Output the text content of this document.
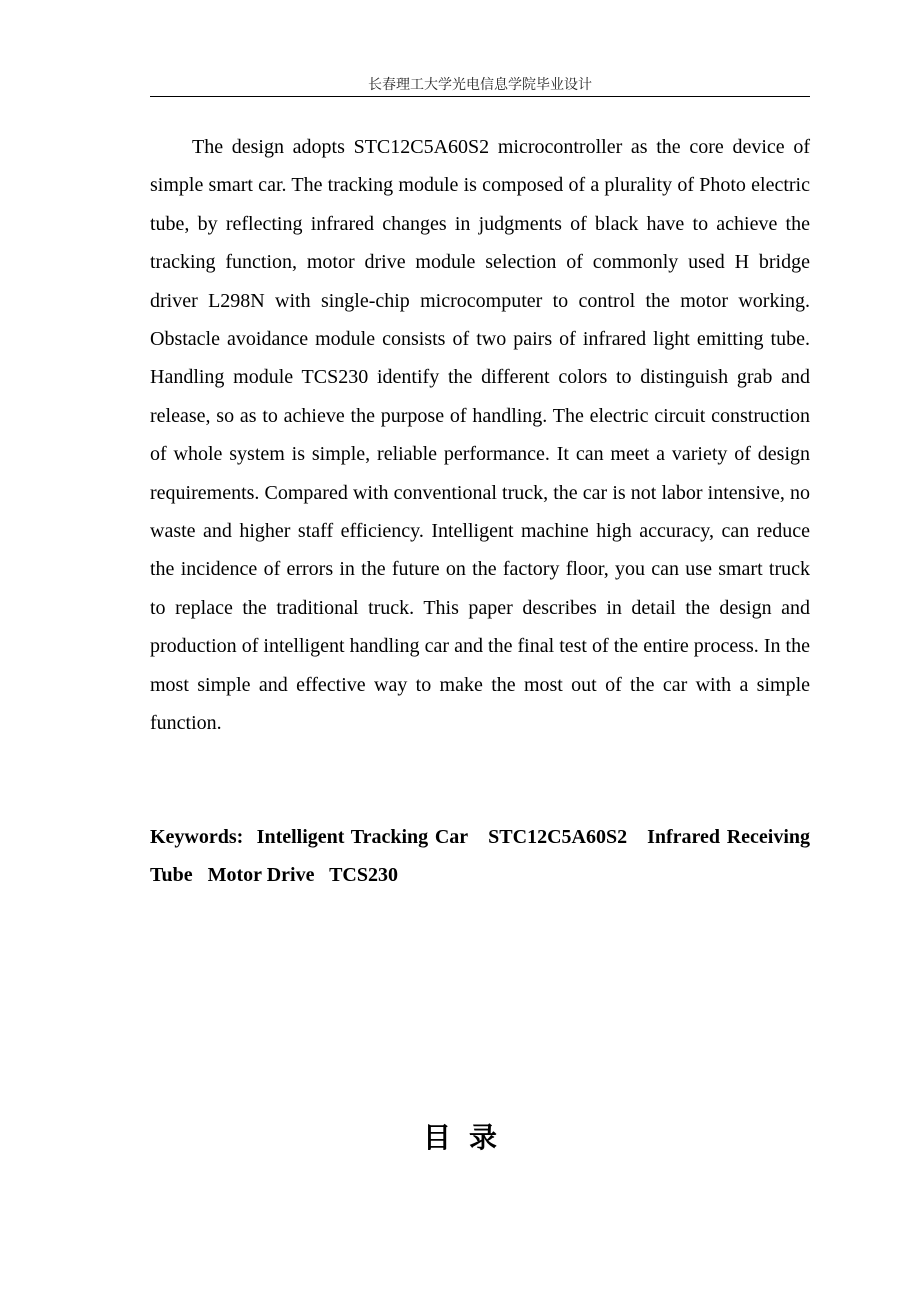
长春理工大学光电信息学院毕业设计

The design adopts STC12C5A60S2 microcontroller as the core device of simple smart car. The tracking module is composed of a plurality of Photo electric tube, by reflecting infrared changes in judgments of black have to achieve the tracking function, motor drive module selection of commonly used H bridge driver L298N with single-chip microcomputer to control the motor working. Obstacle avoidance module consists of two pairs of infrared light emitting tube. Handling module TCS230 identify the different colors to distinguish grab and release, so as to achieve the purpose of handling. The electric circuit construction of whole system is simple, reliable performance. It can meet a variety of design requirements. Compared with conventional truck, the car is not labor intensive, no waste and higher staff efficiency. Intelligent machine high accuracy, can reduce the incidence of errors in the future on the factory floor, you can use smart truck to replace the traditional truck. This paper describes in detail the design and production of intelligent handling car and the final test of the entire process. In the most simple and effective way to make the most out of the car with a simple function.

Keywords: Intelligent Tracking Car STC12C5A60S2 Infrared Receiving Tube Motor Drive TCS230

目录
